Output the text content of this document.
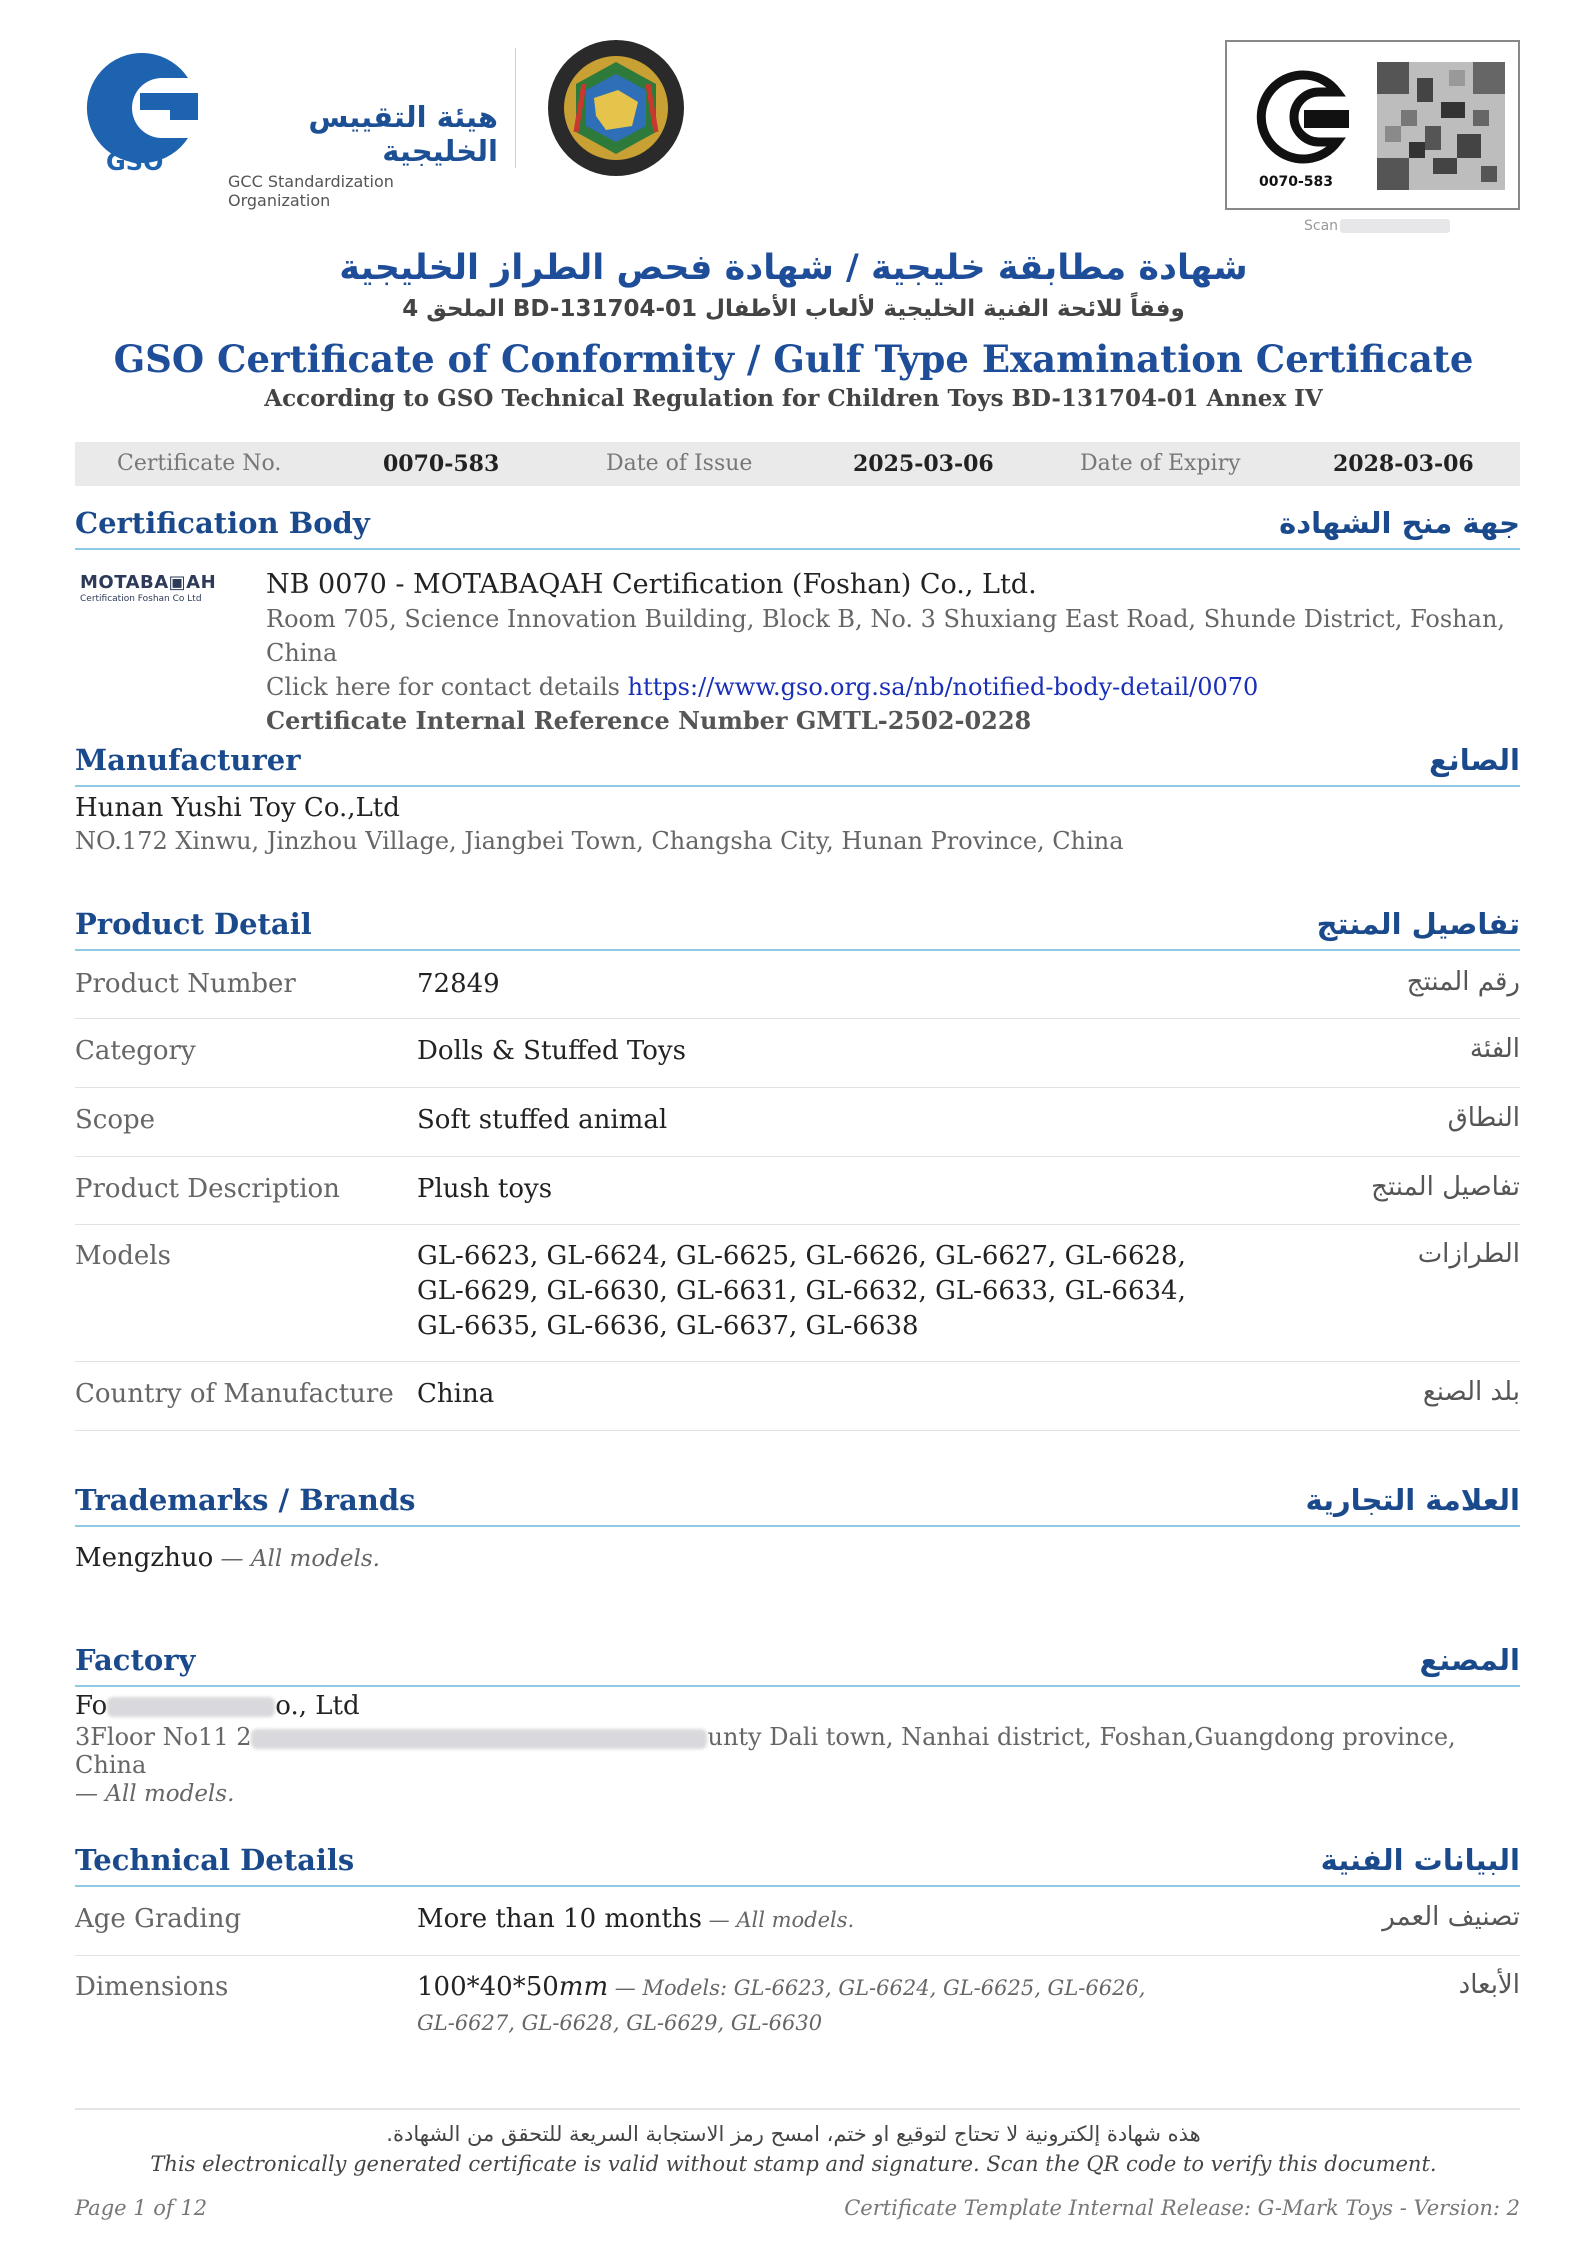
GSO
هيئة التقييس الخليجية
GCC Standardization Organization
0070-583
Scan
شهادة مطابقة خليجية / شهادة فحص الطراز الخليجية
وفقاً للائحة الفنية الخليجية لألعاب الأطفال BD-131704-01 الملحق 4
GSO Certificate of Conformity / Gulf Type Examination Certificate
According to GSO Technical Regulation for Children Toys BD-131704-01 Annex IV
Certificate No.	0070-583	Date of Issue	2025-03-06	Date of Expiry	2028-03-06
Certification Body	جهة منح الشهادة
MOTABA▣AH
Certification Foshan Co Ltd	NB 0070 - MOTABAQAH Certification (Foshan) Co., Ltd.
Room 705, Science Innovation Building, Block B, No. 3 Shuxiang East Road, Shunde District, Foshan, China
Click here for contact details https://www.gso.org.sa/nb/notified-body-detail/0070
Certificate Internal Reference Number GMTL-2502-0228
Manufacturer	الصانع
Hunan Yushi Toy Co.,Ltd
NO.172 Xinwu, Jinzhou Village, Jiangbei Town, Changsha City, Hunan Province, China
Product Detail	تفاصيل المنتج
Product Number	72849	رقم المنتج
Category	Dolls & Stuffed Toys	الفئة
Scope	Soft stuffed animal	النطاق
Product Description	Plush toys	تفاصيل المنتج
Models	GL-6623, GL-6624, GL-6625, GL-6626, GL-6627, GL-6628,
GL-6629, GL-6630, GL-6631, GL-6632, GL-6633, GL-6634,
GL-6635, GL-6636, GL-6637, GL-6638
الطرازات
Country of Manufacture China	بلد الصنع
Trademarks / Brands	العلامة التجارية
Mengzhuo — All models.
Factory	المصنع
Fo	o., Ltd
3Floor No11 2	unty Dali town, Nanhai district, Foshan,Guangdong province, China
— All models.
Technical Details	البيانات الفنية
Age Grading	More than 10 months — All models.	تصنيف العمر
Dimensions	100*40*50mm — Models: GL-6623, GL-6624, GL-6625, GL-6626,
GL-6627, GL-6628, GL-6629, GL-6630
الأبعاد
هذه شهادة إلكترونية لا تحتاج لتوقيع او ختم، امسح رمز الاستجابة السريعة للتحقق من الشهادة.
This electronically generated certificate is valid without stamp and signature. Scan the QR code to verify this document.
Page 1 of 12	Certificate Template Internal Release: G-Mark Toys - Version: 2
